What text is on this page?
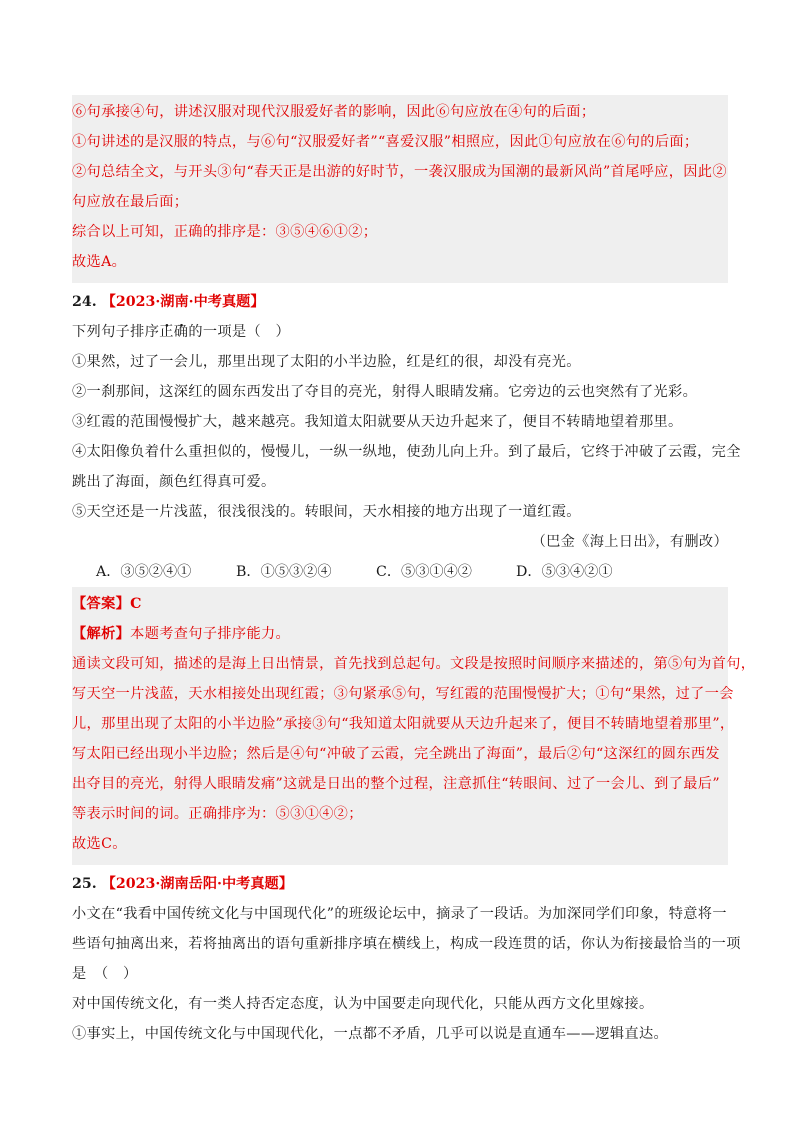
⑥句承接④句，讲述汉服对现代汉服爱好者的影响，因此⑥句应放在④句的后面；
①句讲述的是汉服的特点，与⑥句“汉服爱好者”“喜爱汉服”相照应，因此①句应放在⑥句的后面；
②句总结全文，与开头③句“春天正是出游的好时节，一袭汉服成为国潮的最新风尚”首尾呼应，因此②
句应放在最后面；
综合以上可知，正确的排序是：③⑤④⑥①②；
故选A。
24. 【2023·湖南·中考真题】
下列句子排序正确的一项是（　）
①果然，过了一会儿，那里出现了太阳的小半边脸，红是红的很，却没有亮光。
②一刹那间，这深红的圆东西发出了夺目的亮光，射得人眼睛发痛。它旁边的云也突然有了光彩。
③红霞的范围慢慢扩大，越来越亮。我知道太阳就要从天边升起来了，便目不转睛地望着那里。
④太阳像负着什么重担似的，慢慢儿，一纵一纵地，使劲儿向上升。到了最后，它终于冲破了云霞，完全
跳出了海面，颜色红得真可爱。
⑤天空还是一片浅蓝，很浅很浅的。转眼间，天水相接的地方出现了一道红霞。
（巴金《海上日出》，有删改）
A．③⑤②④①	B．①⑤③②④	C．⑤③①④②	D．⑤③④②①
【答案】C
【解析】本题考查句子排序能力。
通读文段可知，描述的是海上日出情景，首先找到总起句。文段是按照时间顺序来描述的，第⑤句为首句，
写天空一片浅蓝，天水相接处出现红霞；③句紧承⑤句，写红霞的范围慢慢扩大；①句“果然，过了一会
儿，那里出现了太阳的小半边脸”承接③句“我知道太阳就要从天边升起来了，便目不转睛地望着那里”，
写太阳已经出现小半边脸；然后是④句“冲破了云霞，完全跳出了海面”，最后②句“这深红的圆东西发
出夺目的亮光，射得人眼睛发痛”这就是日出的整个过程，注意抓住“转眼间、过了一会儿、到了最后”
等表示时间的词。正确排序为：⑤③①④②；
故选C。
25. 【2023·湖南岳阳·中考真题】
小文在“我看中国传统文化与中国现代化”的班级论坛中，摘录了一段话。为加深同学们印象，特意将一
些语句抽离出来，若将抽离出的语句重新排序填在横线上，构成一段连贯的话，你认为衔接最恰当的一项
是　（　）
对中国传统文化，有一类人持否定态度，认为中国要走向现代化，只能从西方文化里嫁接。
①事实上，中国传统文化与中国现代化，一点都不矛盾，几乎可以说是直通车——逻辑直达。
